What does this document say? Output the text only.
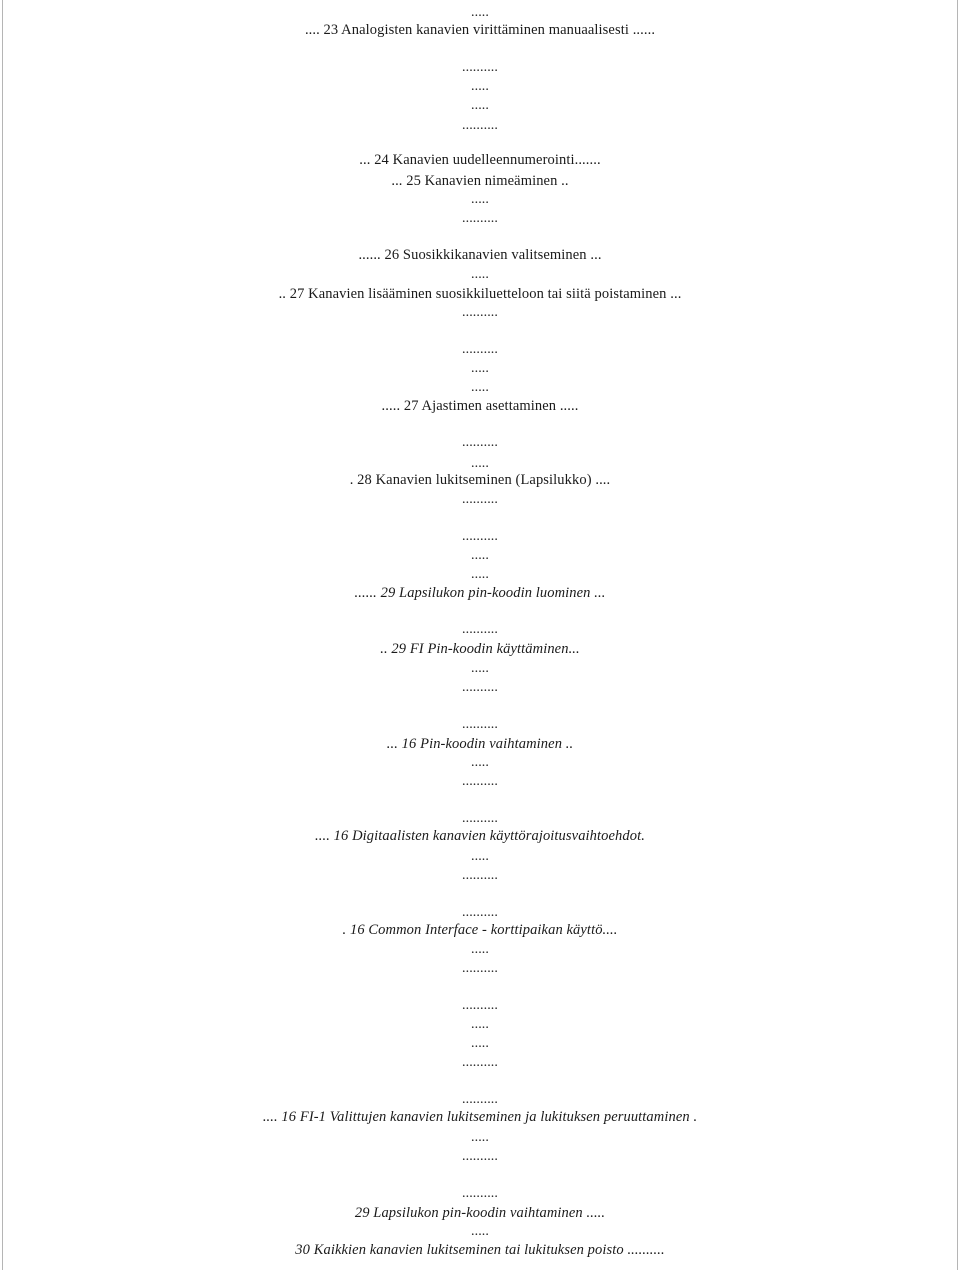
.....
.... 23 Analogisten kanavien virittäminen manuaalisesti ......
..........
.....
.....
..........
... 24 Kanavien uudelleennumerointi.......
... 25 Kanavien nimeäminen ..
.....
..........
...... 26 Suosikkikanavien valitseminen ...
.....
.. 27 Kanavien lisääminen suosikkiluetteloon tai siitä poistaminen ...
..........
..........
.....
.....
..... 27 Ajastimen asettaminen .....
..........
.....
. 28 Kanavien lukitseminen (Lapsilukko) ....
..........
..........
.....
.....
...... 29 Lapsilukon pin-koodin luominen ...
..........
.. 29 FI Pin-koodin käyttäminen...
.....
..........
..........
... 16 Pin-koodin vaihtaminen ..
.....
..........
..........
.... 16 Digitaalisten kanavien käyttörajoitusvaihtoehdot.
.....
..........
..........
. 16 Common Interface - korttipaikan käyttö....
.....
..........
..........
.....
.....
..........
..........
.... 16 FI-1 Valittujen kanavien lukitseminen ja lukituksen peruuttaminen .
.....
..........
..........
29 Lapsilukon pin-koodin vaihtaminen .....
.....
30 Kaikkien kanavien lukitseminen tai lukituksen poisto ..........
